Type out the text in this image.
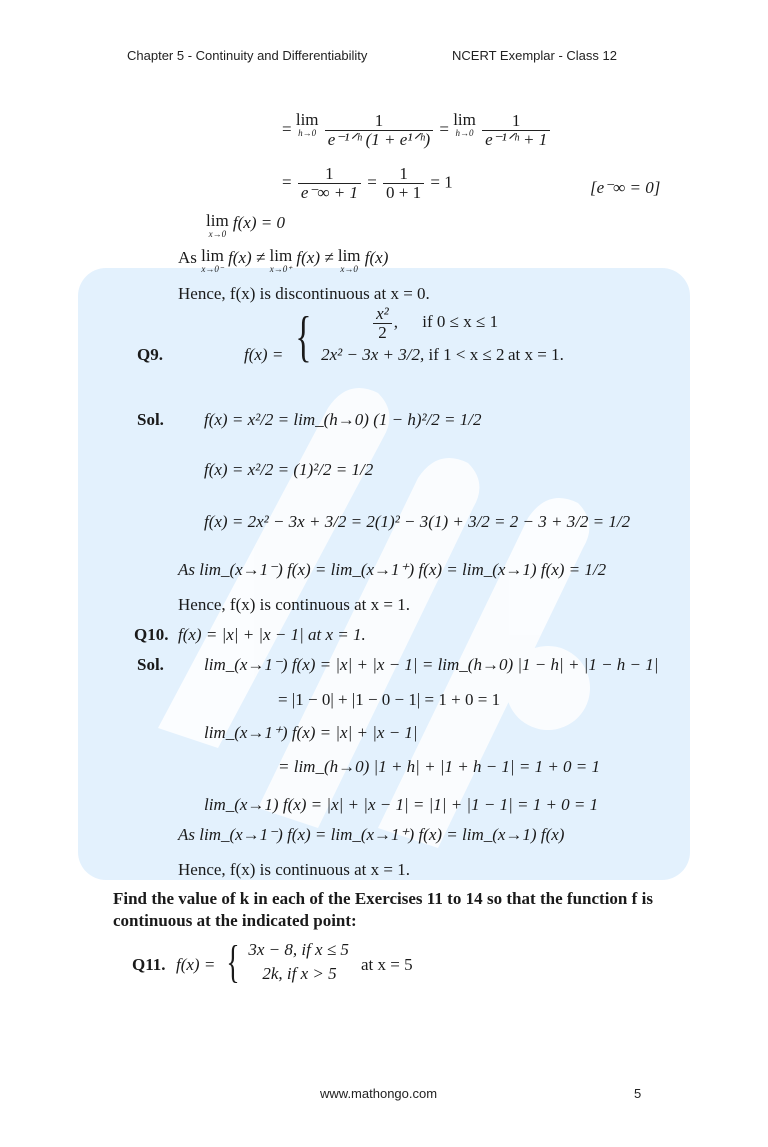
Chapter 5 - Continuity and Differentiability	NCERT Exemplar - Class 12
= lim
h→0
$\frac{1}{\text{e⁻¹ᐟʰ (1 + e¹ᐟʰ)}} = \lim$
h→0
$\frac{1}{\text{e⁻¹ᐟʰ + 1}}$
= $\frac{1}{e^-\infty + 1} = \frac{1}{0 + 1} = 1$	[e⁻∞ = 0]
lim
x→0
f(x) = 0
As lim
x→0⁻
f(x) ≠ lim
x→0⁺
f(x) ≠ lim
x→0
f(x)
Hence, f(x) is discontinuous at x = 0.
Q9.	f(x) = {	$\frac{\text{x²}}{2}$ , if 0 ≤ x ≤ 1
2x² − 3x + 3/2, if 1 < x ≤ 2 at x = 1.
Sol. f(x) = x²/2 = lim_(h→0) (1 − h)²/2 = 1/2
f(x) = x²/2 = (1)²/2 = 1/2
f(x) = 2x² − 3x + 3/2 = 2(1)² − 3(1) + 3/2 = 2 − 3 + 3/2 = 1/2
As lim_(x→1⁻) f(x) = lim_(x→1⁺) f(x) = lim_(x→1) f(x) = 1/2
Hence, f(x) is continuous at x = 1.
Q10. f(x) = |x| + |x − 1| at x = 1.
Sol. lim_(x→1⁻) f(x) = |x| + |x − 1| = lim_(h→0) |1 − h| + |1 − h − 1|
= |1 − 0| + |1 − 0 − 1| = 1 + 0 = 1
lim_(x→1⁺) f(x) = |x| + |x − 1|
= lim_(h→0) |1 + h| + |1 + h − 1| = 1 + 0 = 1
lim_(x→1) f(x) = |x| + |x − 1| = |1| + |1 − 1| = 1 + 0 = 1
As lim_(x→1⁻) f(x) = lim_(x→1⁺) f(x) = lim_(x→1) f(x)
Hence, f(x) is continuous at x = 1.
Find the value of k in each of the Exercises 11 to 14 so that the function f is continuous at the indicated point:
Q11. f(x) = { 3x − 8, if x ≤ 5
2k, if x > 5	at x = 5
www.mathongo.com	5
